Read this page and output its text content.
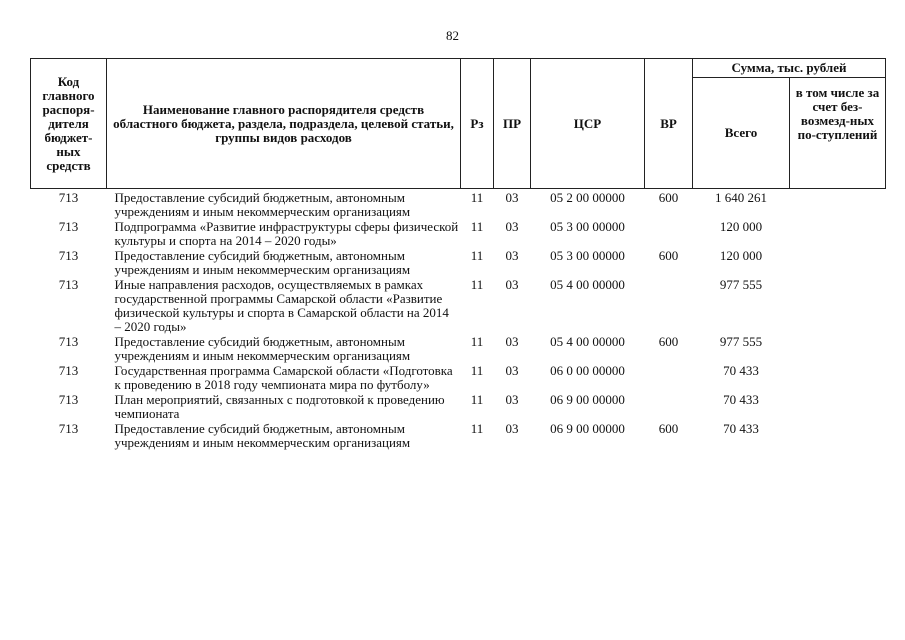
82
Код главного распоря-дителя бюджет-ных средств	Наименование главного распорядителя средств областного бюджета, раздела, подраздела, целевой статьи, группы видов расходов	Рз	ПР	ЦСР	ВР	Сумма, тыс. рублей	
						Всего	в том числе за счет без-возмезд-ных по-ступлений
713	Предоставление субсидий бюджетным, автономным учреждениям и иным некоммерческим организациям	11	03	05 2 00 00000	600	1 640 261	
713	Подпрограмма «Развитие инфраструктуры сферы физической культуры и спорта на 2014 – 2020 годы»	11	03	05 3 00 00000		120 000	
713	Предоставление субсидий бюджетным, автономным учреждениям и иным некоммерческим организациям	11	03	05 3 00 00000	600	120 000	
713	Иные направления расходов, осуществляемых в рамках государственной программы Самарской области «Развитие физической культуры и спорта в Самарской области на 2014 – 2020 годы»	11	03	05 4 00 00000		977 555	
713	Предоставление субсидий бюджетным, автономным учреждениям и иным некоммерческим организациям	11	03	05 4 00 00000	600	977 555	
713	Государственная программа Самарской области «Подготовка к проведению в 2018 году чемпионата мира по футболу»	11	03	06 0 00 00000		70 433	
713	План мероприятий, связанных с подготовкой к проведению чемпионата	11	03	06 9 00 00000		70 433	
713	Предоставление субсидий бюджетным, автономным учреждениям и иным некоммерческим организациям	11	03	06 9 00 00000	600	70 433	
